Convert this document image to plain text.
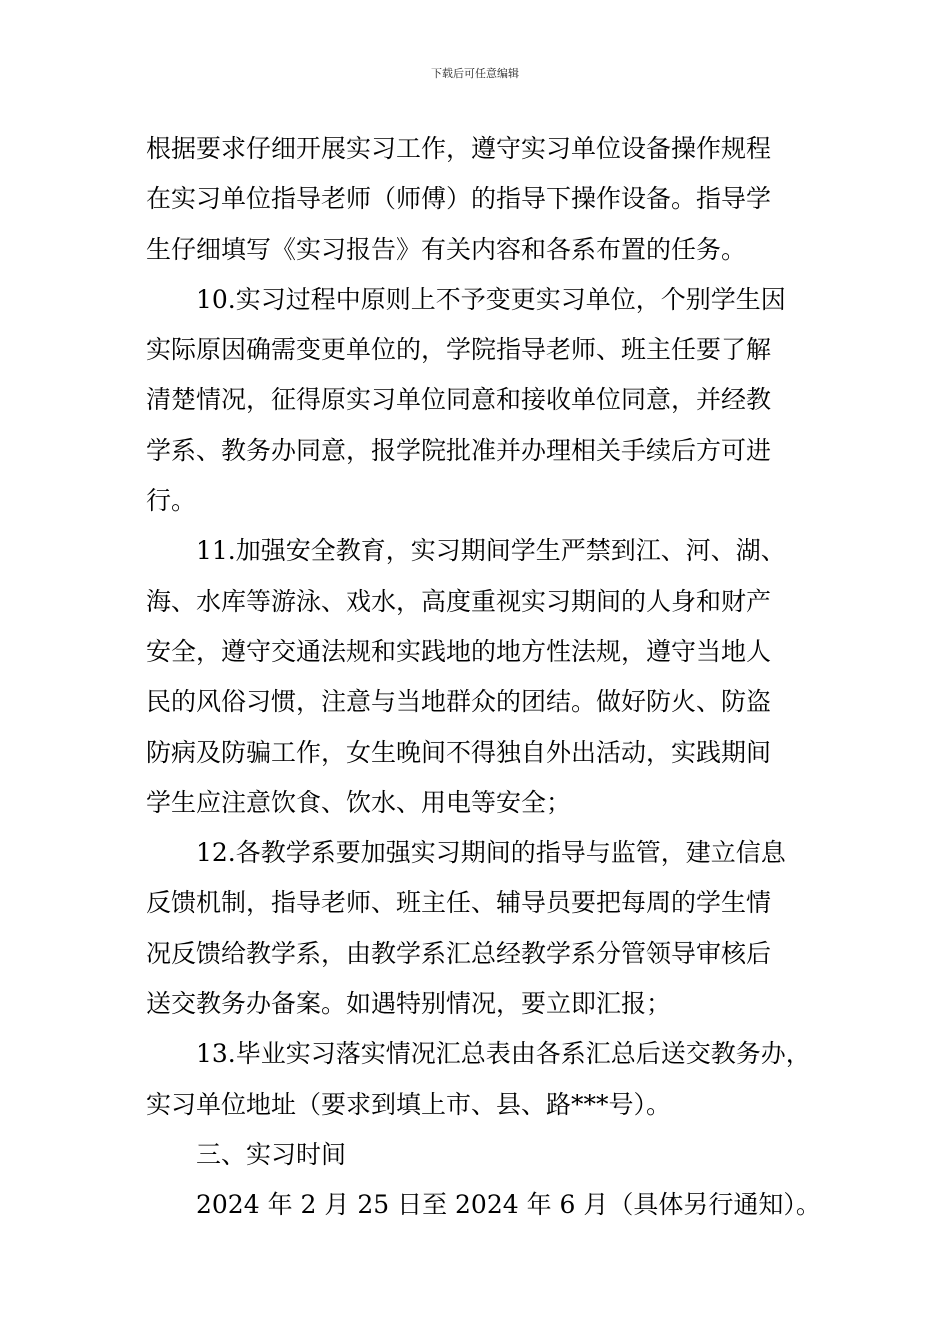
下载后可任意编辑
根据要求仔细开展实习工作，遵守实习单位设备操作规程
在实习单位指导老师（师傅）的指导下操作设备。指导学
生仔细填写《实习报告》有关内容和各系布置的任务。
10.实习过程中原则上不予变更实习单位，个别学生因
实际原因确需变更单位的，学院指导老师、班主任要了解
清楚情况，征得原实习单位同意和接收单位同意，并经教
学系、教务办同意，报学院批准并办理相关手续后方可进
行。
11.加强安全教育，实习期间学生严禁到江、河、湖、
海、水库等游泳、戏水，高度重视实习期间的人身和财产
安全，遵守交通法规和实践地的地方性法规，遵守当地人
民的风俗习惯，注意与当地群众的团结。做好防火、防盗
防病及防骗工作，女生晚间不得独自外出活动，实践期间
学生应注意饮食、饮水、用电等安全；
12.各教学系要加强实习期间的指导与监管，建立信息
反馈机制，指导老师、班主任、辅导员要把每周的学生情
况反馈给教学系，由教学系汇总经教学系分管领导审核后
送交教务办备案。如遇特别情况，要立即汇报；
13.毕业实习落实情况汇总表由各系汇总后送交教务办，
实习单位地址（要求到填上市、县、路***号）。
三、实习时间
2024 年 2 月 25 日至 2024 年 6 月（具体另行通知）。
